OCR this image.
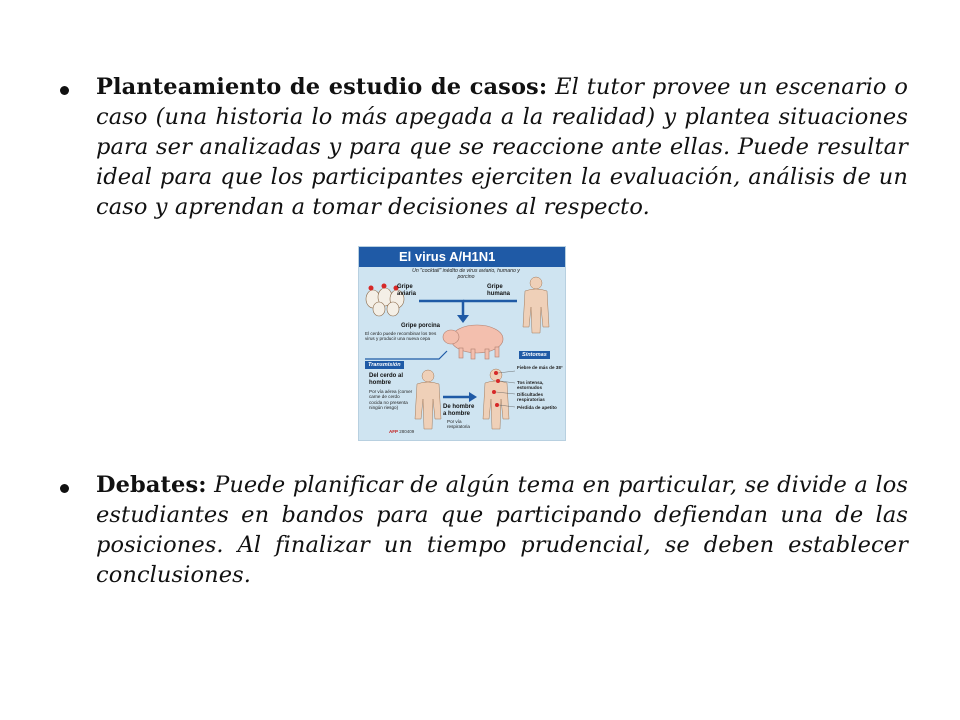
Planteamiento de estudio de casos: El tutor provee un escenario o caso (una historia lo más apegada a la realidad) y plantea situaciones para ser analizadas y para que se reaccione ante ellas. Puede resultar ideal para que los participantes ejerciten la evaluación, análisis de un caso y aprendan a tomar decisiones al respecto.
El virus A/H1N1
Un "cocktail" inédito de virus aviario, humano y porcino
Gripe aviaria
Gripe humana
Gripe porcina
El cerdo puede recombinar los tres virus y producir una nueva cepa
Transmisión
Síntomas
Del cerdo al hombre
Por vía aérea (comer carne de cerdo cocida no presenta ningún riesgo)	De hombre a hombre
Por vía respiratoria
Fiebre de más de 38°
Tos intensa, estornudos
Dificultades respiratorias
Pérdida de apetito
AFP 280409
Debates: Puede planificar de algún tema en particular, se divide a los estudiantes en bandos para que participando defiendan una de las posiciones. Al finalizar un tiempo prudencial, se deben establecer conclusiones.
